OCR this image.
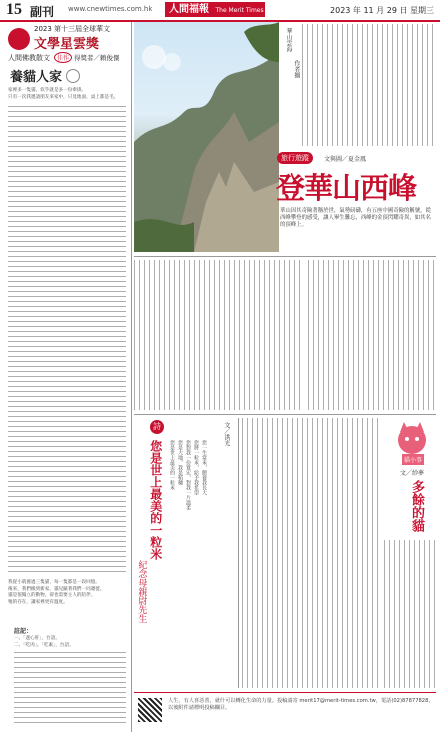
15 副刊 www.cnewtimes.com.hk	人間福報 The Merit Times	2023 年 11 月 29 日 星期三
2023 第十三屆全球華文
文學星雲獎
人間佛教散文	佳作 得獎者／賴俊傑
養貓人家

家裡多一隻貓，似乎就是多一份牽掛。

只有一次我邀請朋友來家中，只見地面、桌上都是毛。

我從小就養過三隻貓，每一隻都是一段回憶。

後來，我們搬到新家，貓兒隨著我們一同遷徙。

貓是很獨立的動物，卻也需要主人的陪伴。

牠的存在，讓家裡更有溫度。

註記：

一、「遮心肝」，台語。

二、「吃肉」、「吃素」，台語。

華山雲海
作者攝
旅行遊蹤	文與圖／夏金鳳
登華山西峰
華山因其奇險著稱於世，氣勢磅礴，有五座中國奇險的稱號，從西峰攀登的感受，讓人畢生難忘，西峰的金頂閃耀奇異，如其名的頂峰上。
貓小事
文／紗夢
多餘的貓
詩
您是世上最美的一粒米
紀念母親尉先生
文／洪光
您一生當米，餵養我長大
您將一粒米，給予我希望
您對我一份寬宏，對我一片溫柔
您是大地，我是稻穗
您是世上最美的一粒米
人生，有人喜惡善，就什可以轉化生命的力量。投稿請寄 merit17@merit-times.com.tw，電話(02)87877828，以後附件請標明投稿欄目。
